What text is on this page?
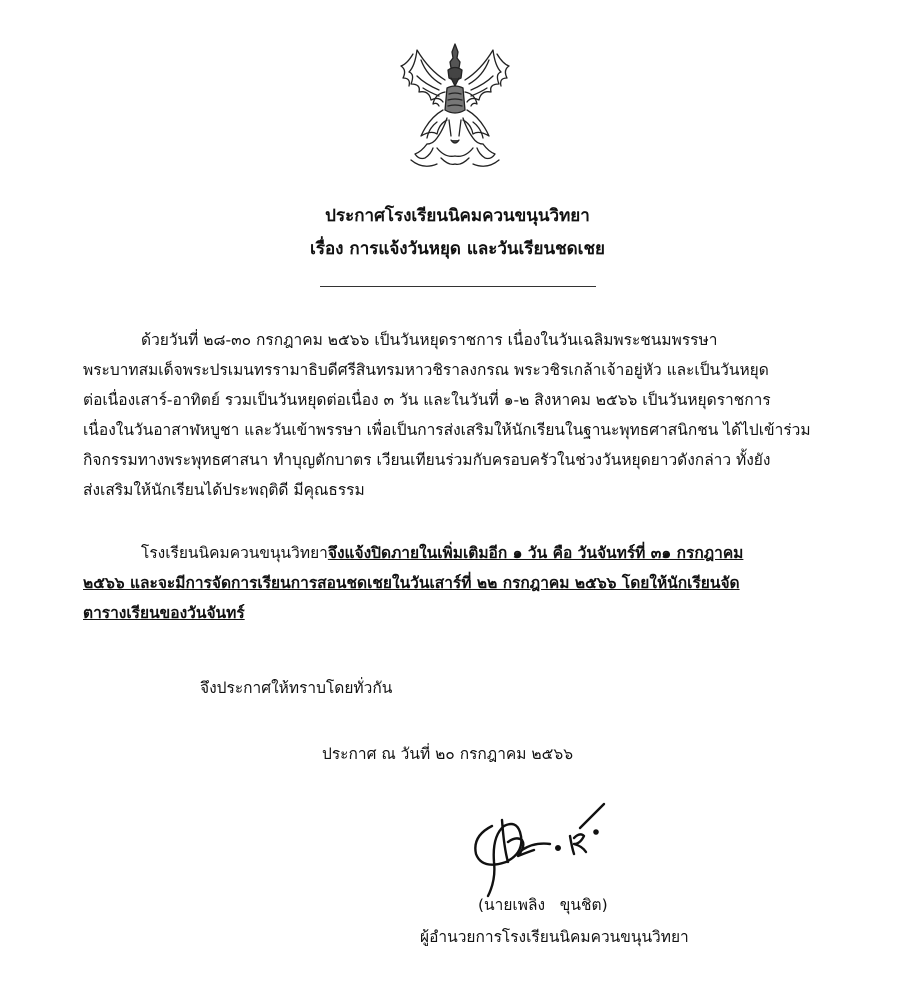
ประกาศโรงเรียนนิคมควนขนุนวิทยา
เรื่อง การแจ้งวันหยุด และวันเรียนชดเชย
ด้วยวันที่ ๒๘-๓๐ กรกฎาคม ๒๕๖๖ เป็นวันหยุดราชการ เนื่องในวันเฉลิมพระชนมพรรษา
พระบาทสมเด็จพระปรเมนทรรามาธิบดีศรีสินทรมหาวชิราลงกรณ พระวชิรเกล้าเจ้าอยู่หัว และเป็นวันหยุด
ต่อเนื่องเสาร์-อาทิตย์ รวมเป็นวันหยุดต่อเนื่อง ๓ วัน และในวันที่ ๑-๒ สิงหาคม ๒๕๖๖ เป็นวันหยุดราชการ
เนื่องในวันอาสาฬหบูชา และวันเข้าพรรษา เพื่อเป็นการส่งเสริมให้นักเรียนในฐานะพุทธศาสนิกชน ได้ไปเข้าร่วม
กิจกรรมทางพระพุทธศาสนา ทำบุญตักบาตร เวียนเทียนร่วมกับครอบครัวในช่วงวันหยุดยาวดังกล่าว ทั้งยัง
ส่งเสริมให้นักเรียนได้ประพฤติดี มีคุณธรรม
โรงเรียนนิคมควนขนุนวิทยาจึงแจ้งปิดภายในเพิ่มเติมอีก ๑ วัน คือ วันจันทร์ที่ ๓๑ กรกฎาคม
๒๕๖๖ และจะมีการจัดการเรียนการสอนชดเชยในวันเสาร์ที่ ๒๒ กรกฎาคม ๒๕๖๖ โดยให้นักเรียนจัด
ตารางเรียนของวันจันทร์
จึงประกาศให้ทราบโดยทั่วกัน
ประกาศ ณ วันที่ ๒๐ กรกฎาคม ๒๕๖๖
(นายเพลิง   ขุนชิต)
ผู้อำนวยการโรงเรียนนิคมควนขนุนวิทยา
